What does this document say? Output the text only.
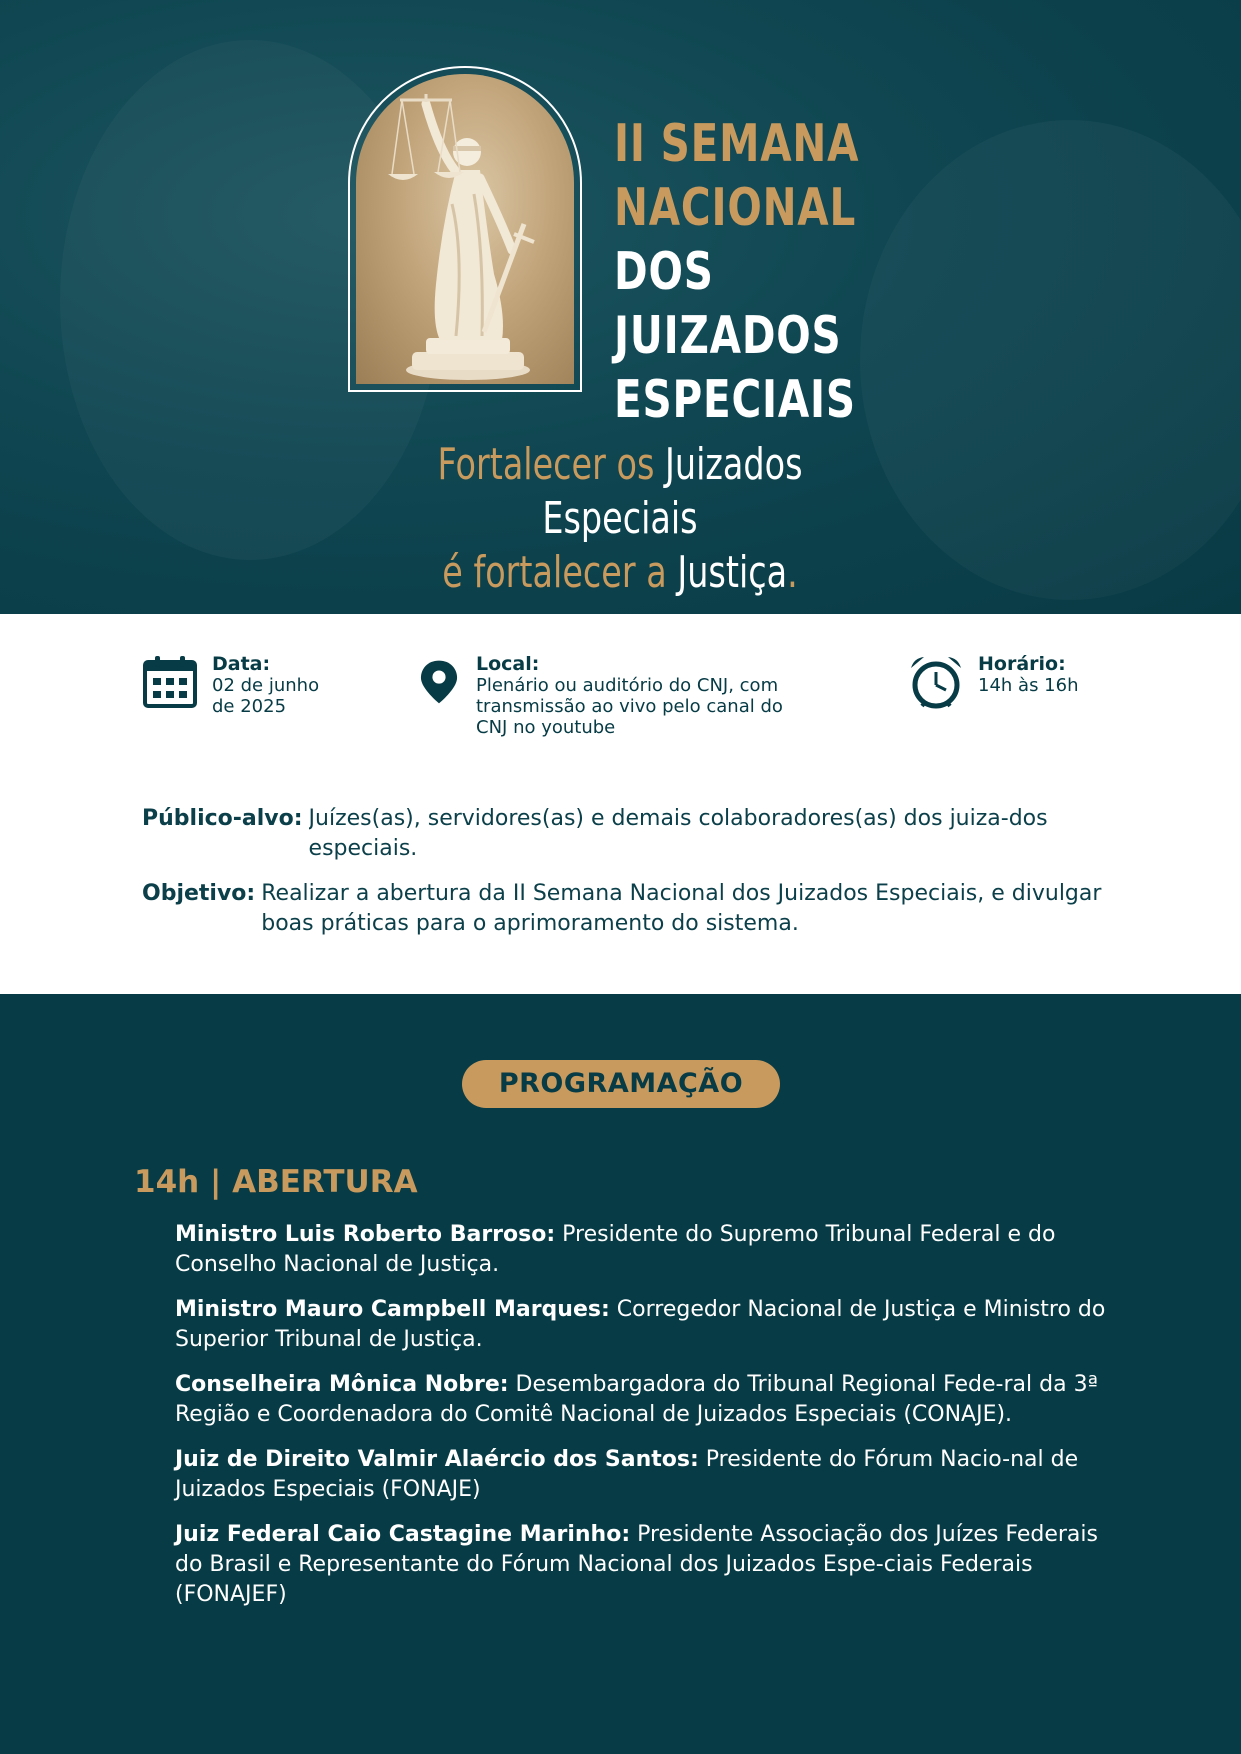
II SEMANA
NACIONAL
DOS JUIZADOS
ESPECIAIS
Fortalecer os Juizados Especiais
é fortalecer a Justiça.
Data:
02 de junho
de 2025
Local:
Plenário ou auditório do CNJ, com
transmissão ao vivo pelo canal do
CNJ no youtube
Horário:
14h às 16h
Público-alvo: Juízes(as), servidores(as) e demais colaboradores(as) dos juiza-dos especiais.
Objetivo: Realizar a abertura da II Semana Nacional dos Juizados Especiais, e divulgar boas práticas para o aprimoramento do sistema.
PROGRAMAÇÃO
14h | ABERTURA
Ministro Luis Roberto Barroso: Presidente do Supremo Tribunal Federal e do Conselho Nacional de Justiça.
Ministro Mauro Campbell Marques: Corregedor Nacional de Justiça e Ministro do Superior Tribunal de Justiça.
Conselheira Mônica Nobre: Desembargadora do Tribunal Regional Fede-ral da 3ª Região e Coordenadora do Comitê Nacional de Juizados Especiais (CONAJE).
Juiz de Direito Valmir Alaércio dos Santos: Presidente do Fórum Nacio-nal de Juizados Especiais (FONAJE)
Juiz Federal Caio Castagine Marinho: Presidente Associação dos Juízes Federais do Brasil e Representante do Fórum Nacional dos Juizados Espe-ciais Federais (FONAJEF)
